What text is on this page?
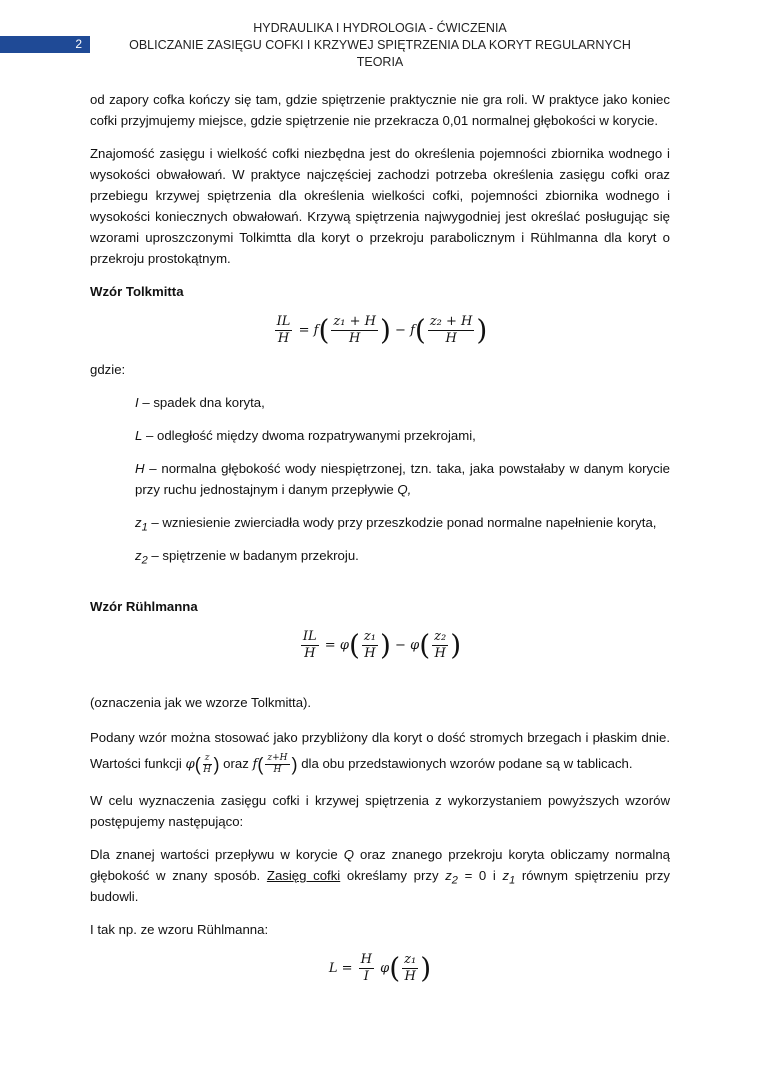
2
HYDRAULIKA I HYDROLOGIA - ĆWICZENIA
OBLICZANIE ZASIĘGU COFKI I KRZYWEJ SPIĘTRZENIA DLA KORYT REGULARNYCH
TEORIA
od zapory cofka kończy się tam, gdzie spiętrzenie praktycznie nie gra roli. W praktyce jako koniec cofki przyjmujemy miejsce, gdzie spiętrzenie nie przekracza 0,01 normalnej głębokości w korycie.
Znajomość zasięgu i wielkość cofki niezbędna jest do określenia pojemności zbiornika wodnego i wysokości obwałowań. W praktyce najczęściej zachodzi potrzeba określenia zasięgu cofki oraz przebiegu krzywej spiętrzenia dla określenia wielkości cofki, pojemności zbiornika wodnego i wysokości koniecznych obwałowań. Krzywą spiętrzenia najwygodniej jest określać posługując się wzorami uproszczonymi Tolkimtta dla koryt o przekroju parabolicznym i Rühlmanna dla koryt o przekroju prostokątnym.
Wzór Tolkmitta
$\frac{IL}{H} = f( \frac{\text{z₁ + H}}{H}$ ) − $f( \frac{\text{z₂ + H}}{H}$ )
gdzie:
I – spadek dna koryta,
L – odległość między dwoma rozpatrywanymi przekrojami,
H – normalna głębokość wody niespiętrzonej, tzn. taka, jaka powstałaby w danym korycie przy ruchu jednostajnym i danym przepływie Q,
$z_1$ – wzniesienie zwierciadła wody przy przeszkodzie ponad normalne napełnienie koryta,
$z_2$ – spiętrzenie w badanym przekroju.
Wzór Rühlmanna
$\frac{IL}{H} = \varphi( \frac{\text{z₁}}{H}$ ) − $\varphi( \frac{\text{z₂}}{H}$ )
(oznaczenia jak we wzorze Tolkmitta).
Podany wzór można stosować jako przybliżony dla koryt o dość stromych brzegach i płaskim dnie. Wartości funkcji $\varphi( \frac{z}{H}$ ) oraz $f( \frac{z+H}{H}$ ) dla obu przedstawionych wzorów podane są w tablicach.
W celu wyznaczenia zasięgu cofki i krzywej spiętrzenia z wykorzystaniem powyższych wzorów postępujemy następująco:
Dla znanej wartości przepływu w korycie Q oraz znanego przekroju koryta obliczamy normalną głębokość w znany sposób. Zasięg cofki określamy przy $z_2 = 0$ i $z_1$ równym spiętrzeniu przy budowli.
I tak np. ze wzoru Rühlmanna:
$L = \frac{H}{I} \varphi( \frac{\text{z₁}}{H}$ )
